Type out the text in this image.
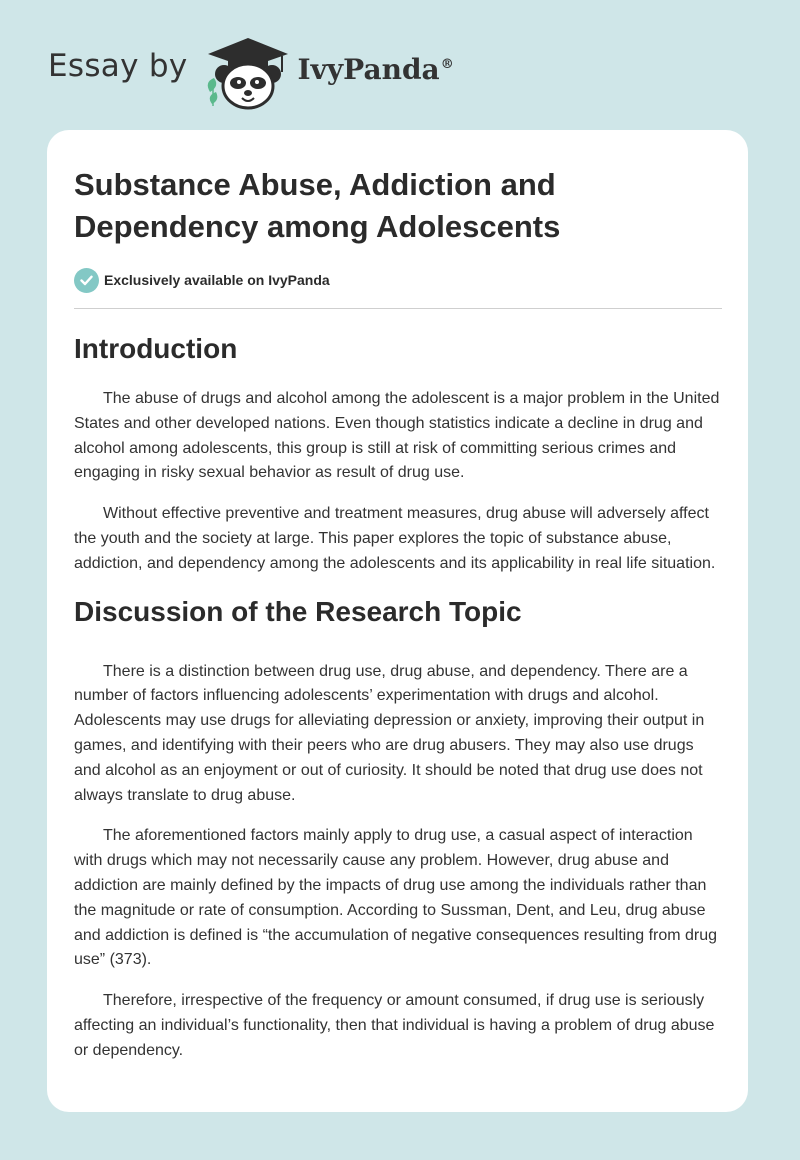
Essay by	IvyPanda®
Substance Abuse, Addiction and
Dependency among Adolescents
Exclusively available on IvyPanda
Introduction

The abuse of drugs and alcohol among the adolescent is a major problem in the United States and other developed nations. Even though statistics indicate a decline in drug and alcohol among adolescents, this group is still at risk of committing serious crimes and engaging in risky sexual behavior as result of drug use.

Without effective preventive and treatment measures, drug abuse will adversely affect the youth and the society at large. This paper explores the topic of substance abuse, addiction, and dependency among the adolescents and its applicability in real life situation.

Discussion of the Research Topic

There is a distinction between drug use, drug abuse, and dependency. There are a number of factors influencing adolescents’ experimentation with drugs and alcohol. Adolescents may use drugs for alleviating depression or anxiety, improving their output in games, and identifying with their peers who are drug abusers. They may also use drugs and alcohol as an enjoyment or out of curiosity. It should be noted that drug use does not always translate to drug abuse.

The aforementioned factors mainly apply to drug use, a casual aspect of interaction with drugs which may not necessarily cause any problem. However, drug abuse and addiction are mainly defined by the impacts of drug use among the individuals rather than the magnitude or rate of consumption. According to Sussman, Dent, and Leu, drug abuse and addiction is defined is “the accumulation of negative consequences resulting from drug use” (373).

Therefore, irrespective of the frequency or amount consumed, if drug use is seriously affecting an individual’s functionality, then that individual is having a problem of drug abuse or dependency.
